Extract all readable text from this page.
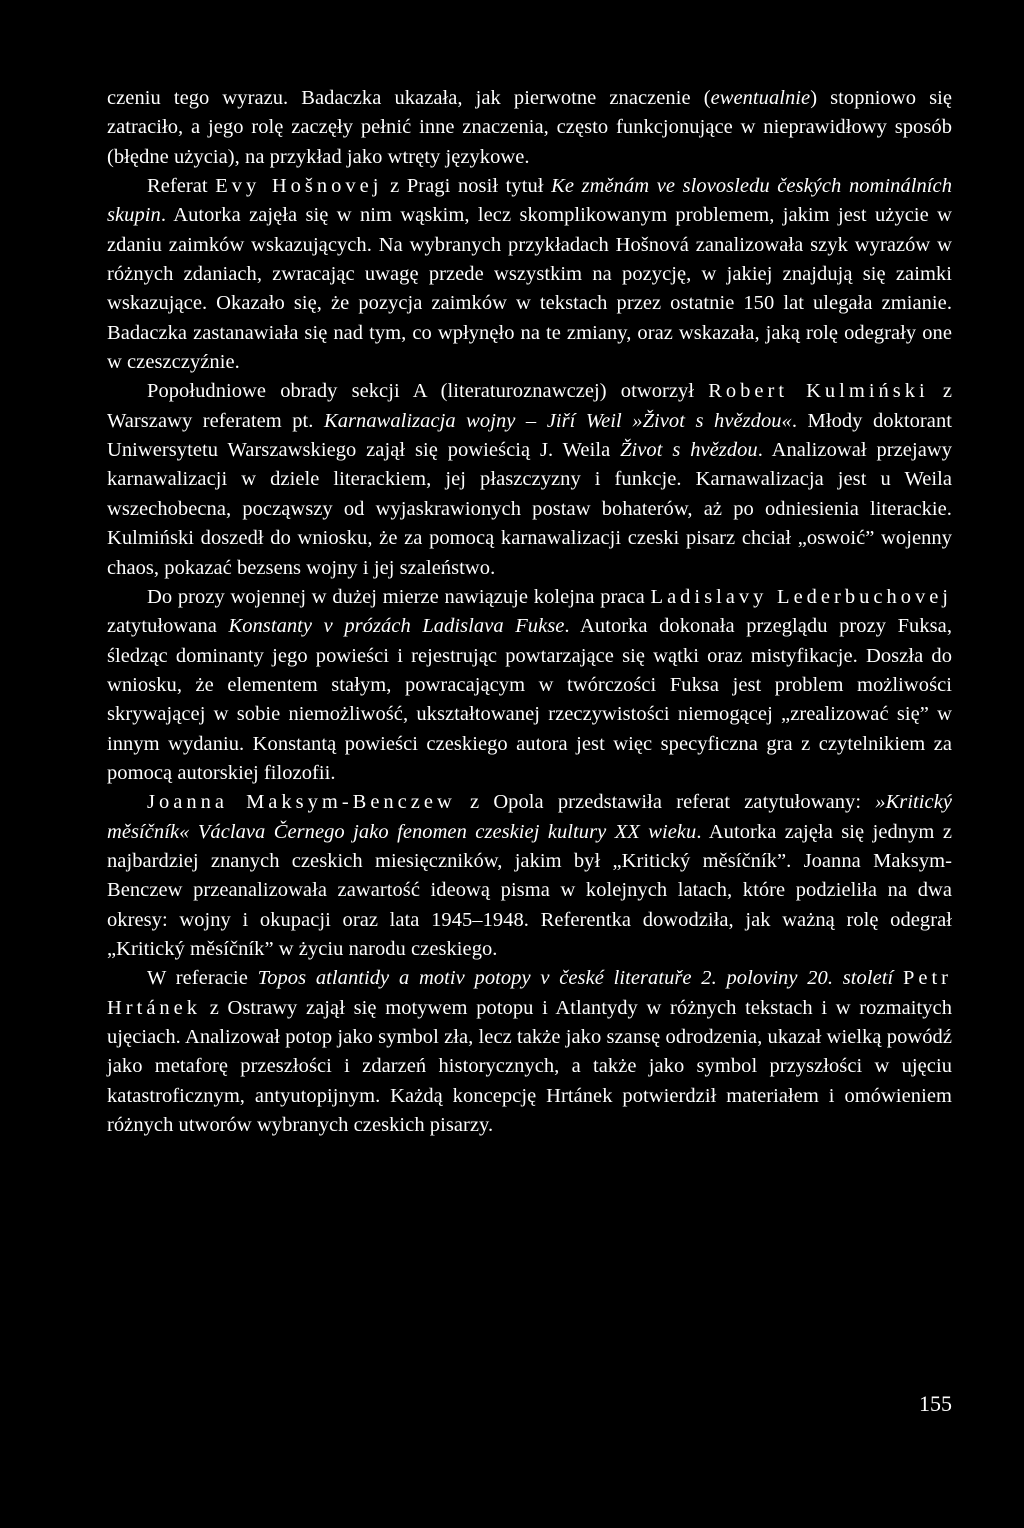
czeniu tego wyrazu. Badaczka ukazała, jak pierwotne znaczenie (ewentualnie) stopniowo się zatraciło, a jego rolę zaczęły pełnić inne znaczenia, często funkcjonujące w nieprawidłowy sposób (błędne użycia), na przykład jako wtręty językowe.

Referat Evy Hošnovej z Pragi nosił tytuł Ke změnám ve slovosledu českých nominálních skupin. Autorka zajęła się w nim wąskim, lecz skomplikowanym problemem, jakim jest użycie w zdaniu zaimków wskazujących. Na wybranych przykładach Hošnová zanalizowała szyk wyrazów w różnych zdaniach, zwracając uwagę przede wszystkim na pozycję, w jakiej znajdują się zaimki wskazujące. Okazało się, że pozycja zaimków w tekstach przez ostatnie 150 lat ulegała zmianie. Badaczka zastanawiała się nad tym, co wpłynęło na te zmiany, oraz wskazała, jaką rolę odegrały one w czeszczyźnie.

Popołudniowe obrady sekcji A (literaturoznawczej) otworzył Robert Kulmiński z Warszawy referatem pt. Karnawalizacja wojny – Jiří Weil »Život s hvězdou«. Młody doktorant Uniwersytetu Warszawskiego zajął się powieścią J. Weila Život s hvězdou. Analizował przejawy karnawalizacji w dziele literackiem, jej płaszczyzny i funkcje. Karnawalizacja jest u Weila wszechobecna, począwszy od wyjaskrawionych postaw bohaterów, aż po odniesienia literackie. Kulmiński doszedł do wniosku, że za pomocą karnawalizacji czeski pisarz chciał „oswoić” wojenny chaos, pokazać bezsens wojny i jej szaleństwo.

Do prozy wojennej w dużej mierze nawiązuje kolejna praca Ladislavy Lederbuchovej zatytułowana Konstanty v prózách Ladislava Fukse. Autorka dokonała przeglądu prozy Fuksa, śledząc dominanty jego powieści i rejestrując powtarzające się wątki oraz mistyfikacje. Doszła do wniosku, że elementem stałym, powracającym w twórczości Fuksa jest problem możliwości skrywającej w sobie niemożliwość, ukształtowanej rzeczywistości niemogącej „zrealizować się” w innym wydaniu. Konstantą powieści czeskiego autora jest więc specyficzna gra z czytelnikiem za pomocą autorskiej filozofii.

Joanna Maksym-Benczew z Opola przedstawiła referat zatytułowany: »Kritický měsíčník« Václava Černego jako fenomen czeskiej kultury XX wieku. Autorka zajęła się jednym z najbardziej znanych czeskich miesięczników, jakim był „Kritický měsíčník”. Joanna Maksym-Benczew przeanalizowała zawartość ideową pisma w kolejnych latach, które podzieliła na dwa okresy: wojny i okupacji oraz lata 1945–1948. Referentka dowodziła, jak ważną rolę odegrał „Kritický měsíčník” w życiu narodu czeskiego.

W referacie Topos atlantidy a motiv potopy v české literatuře 2. poloviny 20. století Petr Hrtánek z Ostrawy zajął się motywem potopu i Atlantydy w różnych tekstach i w rozmaitych ujęciach. Analizował potop jako symbol zła, lecz także jako szansę odrodzenia, ukazał wielką powódź jako metaforę przeszłości i zdarzeń historycznych, a także jako symbol przyszłości w ujęciu katastroficznym, antyutopijnym. Każdą koncepcję Hrtánek potwierdził materiałem i omówieniem różnych utworów wybranych czeskich pisarzy.

155
